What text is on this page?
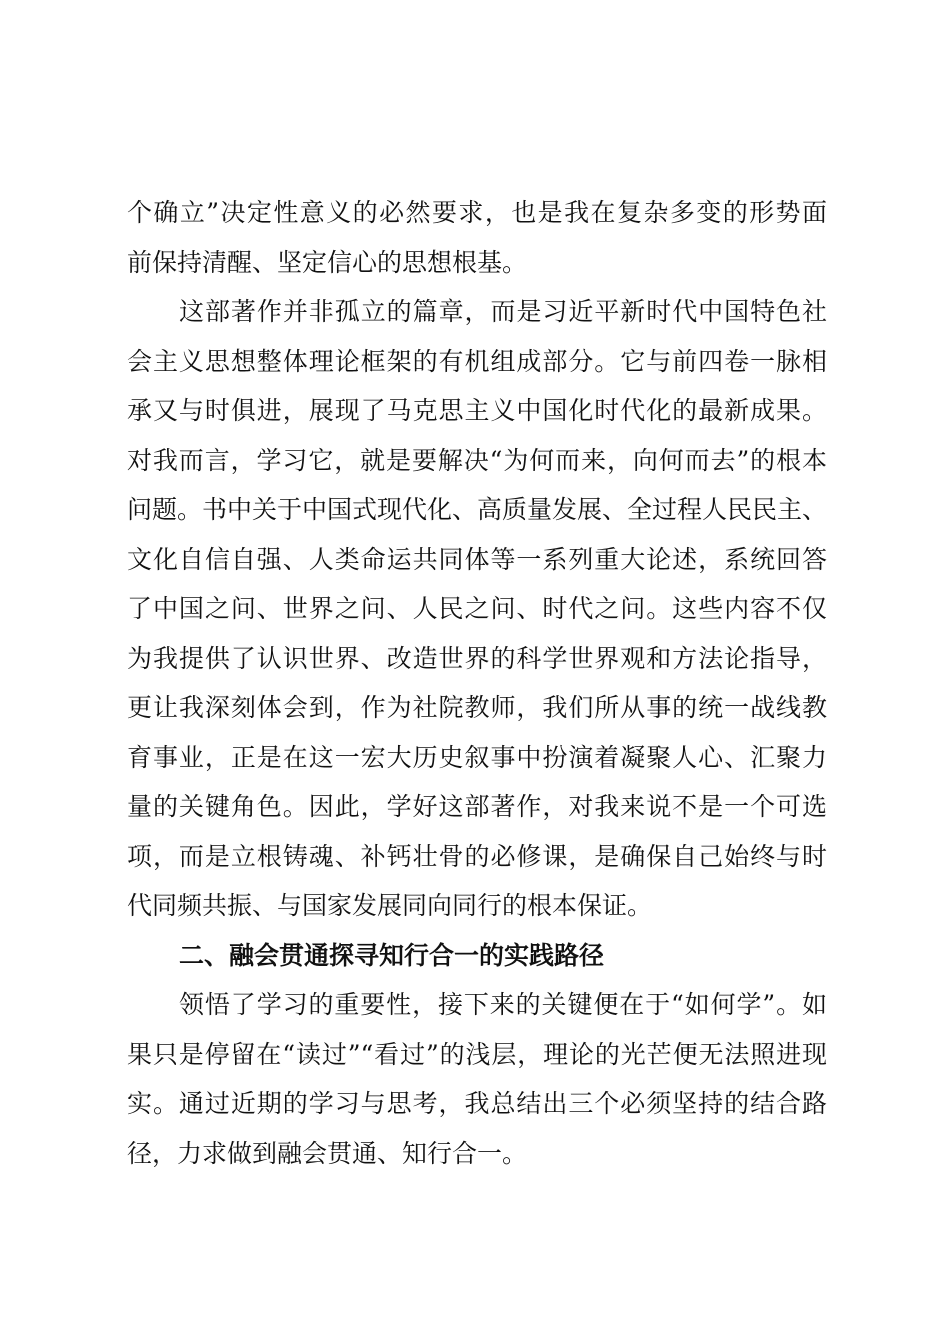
个确立”决定性意义的必然要求，也是我在复杂多变的形势面
前保持清醒、坚定信心的思想根基。
这部著作并非孤立的篇章，而是习近平新时代中国特色社
会主义思想整体理论框架的有机组成部分。它与前四卷一脉相
承又与时俱进，展现了马克思主义中国化时代化的最新成果。
对我而言，学习它，就是要解决“为何而来，向何而去”的根本
问题。书中关于中国式现代化、高质量发展、全过程人民民主、
文化自信自强、人类命运共同体等一系列重大论述，系统回答
了中国之问、世界之问、人民之问、时代之问。这些内容不仅
为我提供了认识世界、改造世界的科学世界观和方法论指导，
更让我深刻体会到，作为社院教师，我们所从事的统一战线教
育事业，正是在这一宏大历史叙事中扮演着凝聚人心、汇聚力
量的关键角色。因此，学好这部著作，对我来说不是一个可选
项，而是立根铸魂、补钙壮骨的必修课，是确保自己始终与时
代同频共振、与国家发展同向同行的根本保证。
二、融会贯通探寻知行合一的实践路径
领悟了学习的重要性，接下来的关键便在于“如何学”。如
果只是停留在“读过”“看过”的浅层，理论的光芒便无法照进现
实。通过近期的学习与思考，我总结出三个必须坚持的结合路
径，力求做到融会贯通、知行合一。
